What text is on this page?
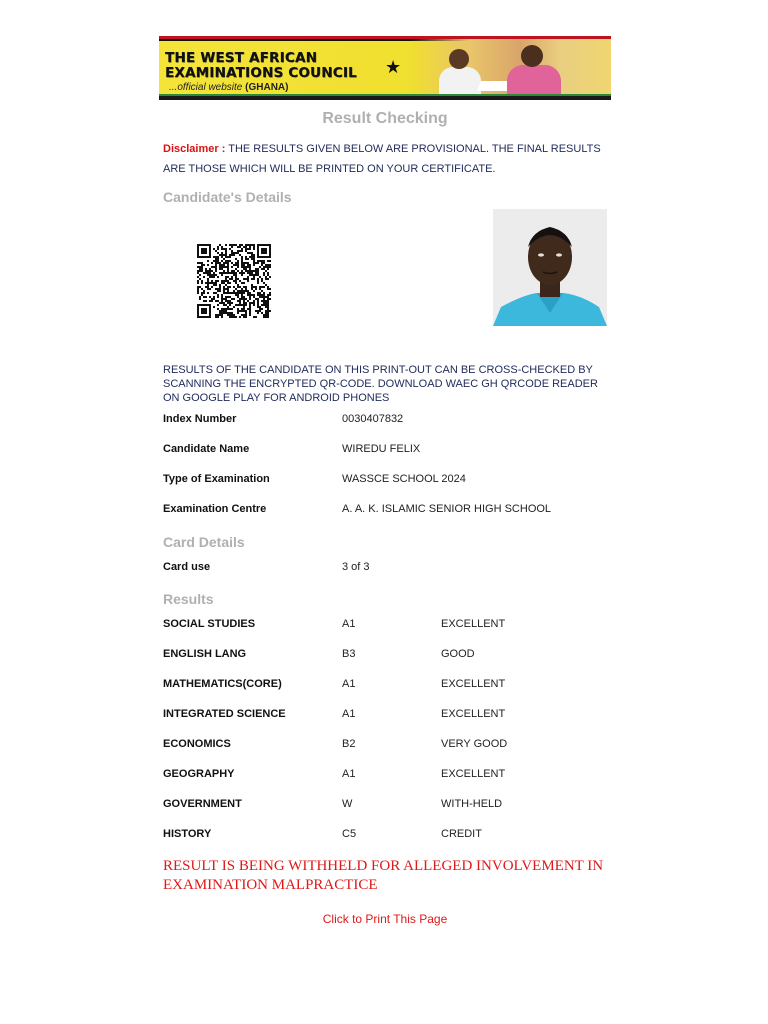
THE WEST AFRICAN
EXAMINATIONS COUNCIL
...official website (GHANA)
★
Result Checking
Disclaimer : THE RESULTS GIVEN BELOW ARE PROVISIONAL. THE FINAL RESULTS ARE THOSE WHICH WILL BE PRINTED ON YOUR CERTIFICATE.
Candidate's Details
RESULTS OF THE CANDIDATE ON THIS PRINT-OUT CAN BE CROSS-CHECKED BY SCANNING THE ENCRYPTED QR-CODE. DOWNLOAD WAEC GH QRCODE READER ON GOOGLE PLAY FOR ANDROID PHONES
Index Number	0030407832
Candidate Name	WIREDU FELIX
Type of Examination	WASSCE SCHOOL 2024
Examination Centre	A. A. K. ISLAMIC SENIOR HIGH SCHOOL
Card Details
Card use	3 of 3
Results
SOCIAL STUDIES	A1	EXCELLENT
ENGLISH LANG	B3	GOOD
MATHEMATICS(CORE)	A1	EXCELLENT
INTEGRATED SCIENCE	A1	EXCELLENT
ECONOMICS	B2	VERY GOOD
GEOGRAPHY	A1	EXCELLENT
GOVERNMENT	W	WITH-HELD
HISTORY	C5	CREDIT
RESULT IS BEING WITHHELD FOR ALLEGED INVOLVEMENT IN EXAMINATION MALPRACTICE
Click to Print This Page
